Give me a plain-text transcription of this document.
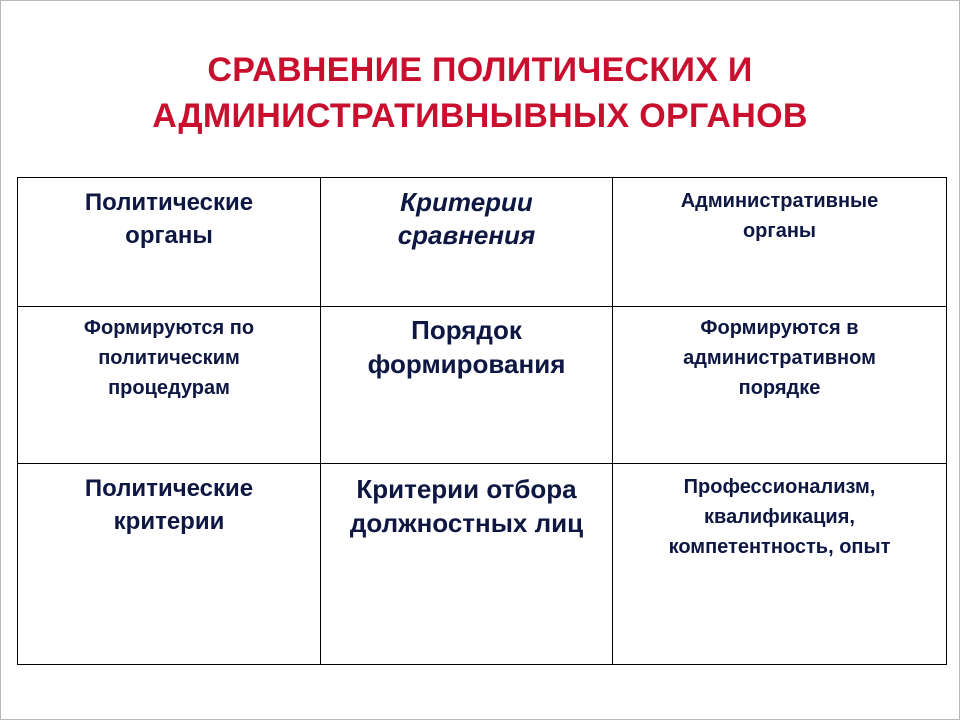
СРАВНЕНИЕ ПОЛИТИЧЕСКИХ И
АДМИНИСТРАТИВНЫВНЫХ ОРГАНОВ
Политические органы	Критерии сравнения	Административные органы

Формируются по политическим процедурам	Порядок формирования	Формируются в административном порядке

Политические критерии	Критерии отбора должностных лиц	Профессионализм, квалификация, компетентность, опыт
